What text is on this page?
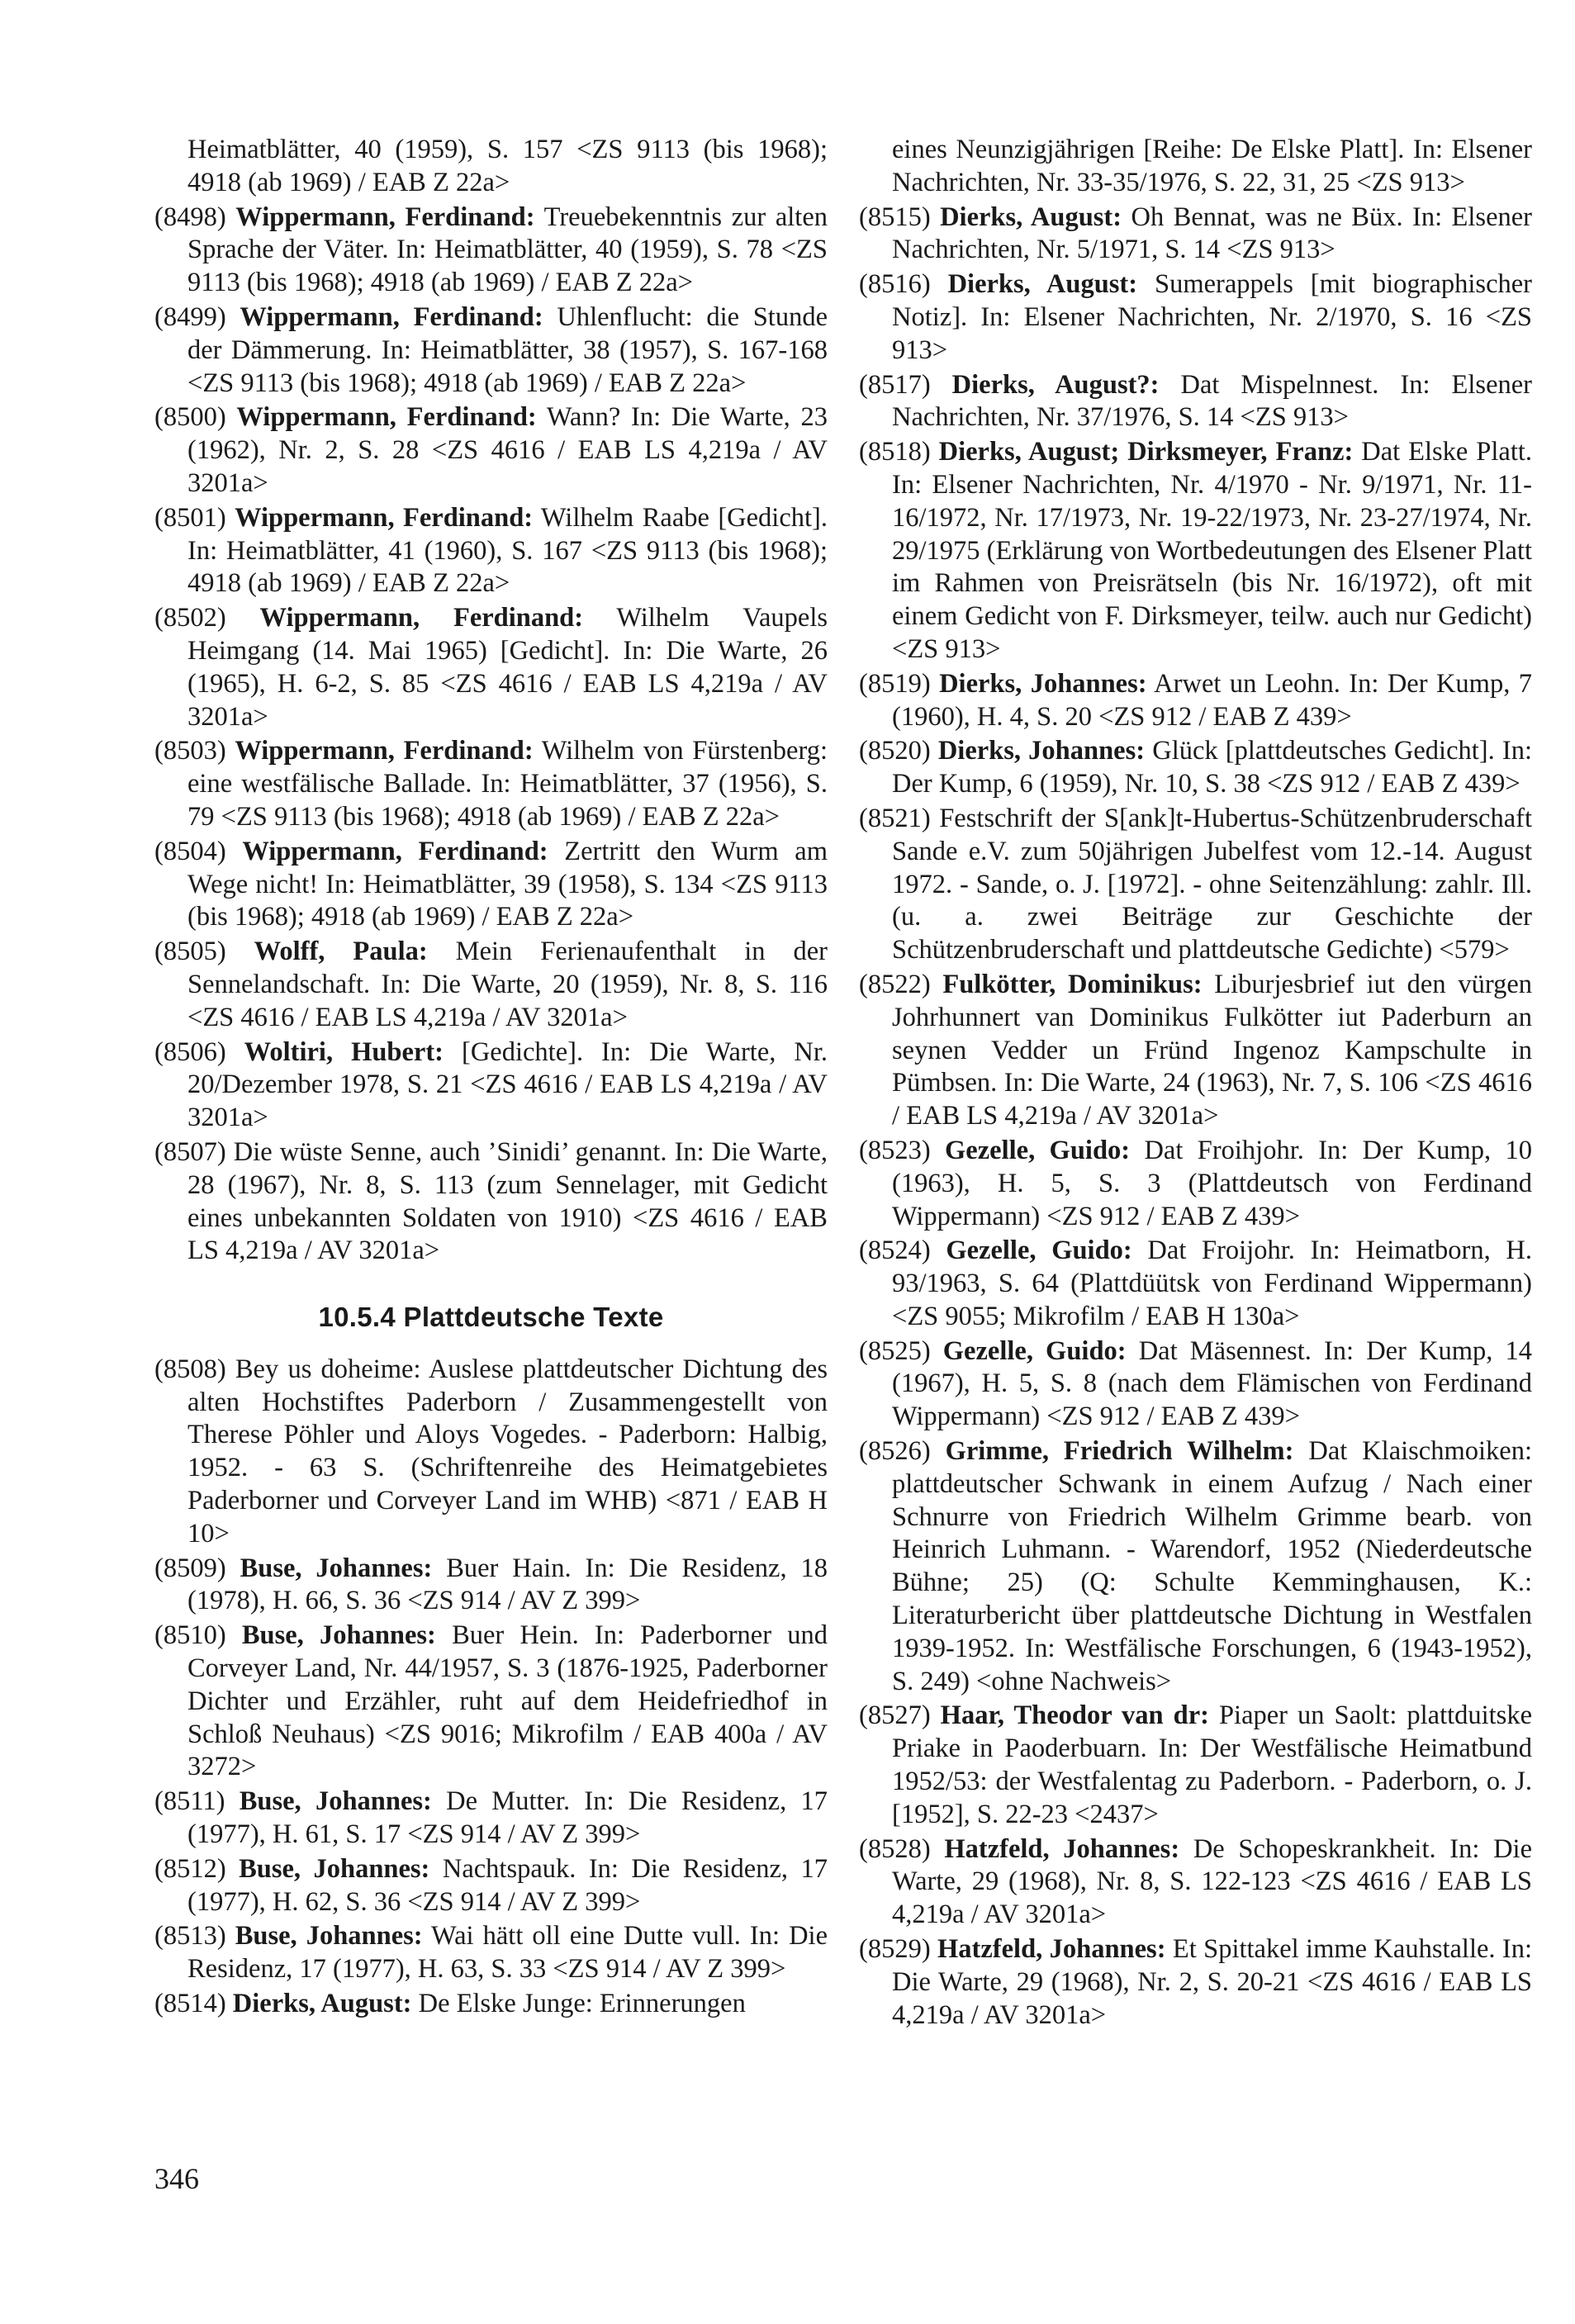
Heimatblätter, 40 (1959), S. 157 <ZS 9113 (bis 1968); 4918 (ab 1969) / EAB Z 22a>

(8498) Wippermann, Ferdinand: Treuebekenntnis zur alten Sprache der Väter. In: Heimatblätter, 40 (1959), S. 78 <ZS 9113 (bis 1968); 4918 (ab 1969) / EAB Z 22a>

(8499) Wippermann, Ferdinand: Uhlenflucht: die Stunde der Dämmerung. In: Heimatblätter, 38 (1957), S. 167-168 <ZS 9113 (bis 1968); 4918 (ab 1969) / EAB Z 22a>

(8500) Wippermann, Ferdinand: Wann? In: Die Warte, 23 (1962), Nr. 2, S. 28 <ZS 4616 / EAB LS 4,219a / AV 3201a>

(8501) Wippermann, Ferdinand: Wilhelm Raabe [Gedicht]. In: Heimatblätter, 41 (1960), S. 167 <ZS 9113 (bis 1968); 4918 (ab 1969) / EAB Z 22a>

(8502) Wippermann, Ferdinand: Wilhelm Vaupels Heimgang (14. Mai 1965) [Gedicht]. In: Die Warte, 26 (1965), H. 6-2, S. 85 <ZS 4616 / EAB LS 4,219a / AV 3201a>

(8503) Wippermann, Ferdinand: Wilhelm von Fürstenberg: eine westfälische Ballade. In: Heimatblätter, 37 (1956), S. 79 <ZS 9113 (bis 1968); 4918 (ab 1969) / EAB Z 22a>

(8504) Wippermann, Ferdinand: Zertritt den Wurm am Wege nicht! In: Heimatblätter, 39 (1958), S. 134 <ZS 9113 (bis 1968); 4918 (ab 1969) / EAB Z 22a>

(8505) Wolff, Paula: Mein Ferienaufenthalt in der Sennelandschaft. In: Die Warte, 20 (1959), Nr. 8, S. 116 <ZS 4616 / EAB LS 4,219a / AV 3201a>

(8506) Woltiri, Hubert: [Gedichte]. In: Die Warte, Nr. 20/Dezember 1978, S. 21 <ZS 4616 / EAB LS 4,219a / AV 3201a>

(8507) Die wüste Senne, auch ’Sinidi’ genannt. In: Die Warte, 28 (1967), Nr. 8, S. 113 (zum Sennelager, mit Gedicht eines unbekannten Soldaten von 1910) <ZS 4616 / EAB LS 4,219a / AV 3201a>

10.5.4 Plattdeutsche Texte

(8508) Bey us doheime: Auslese plattdeutscher Dichtung des alten Hochstiftes Paderborn / Zusammengestellt von Therese Pöhler und Aloys Vogedes. - Paderborn: Halbig, 1952. - 63 S. (Schriftenreihe des Heimatgebietes Paderborner und Corveyer Land im WHB) <871 / EAB H 10>

(8509) Buse, Johannes: Buer Hain. In: Die Residenz, 18 (1978), H. 66, S. 36 <ZS 914 / AV Z 399>

(8510) Buse, Johannes: Buer Hein. In: Paderborner und Corveyer Land, Nr. 44/1957, S. 3 (1876-1925, Paderborner Dichter und Erzähler, ruht auf dem Heidefriedhof in Schloß Neuhaus) <ZS 9016; Mikrofilm / EAB 400a / AV 3272>

(8511) Buse, Johannes: De Mutter. In: Die Residenz, 17 (1977), H. 61, S. 17 <ZS 914 / AV Z 399>

(8512) Buse, Johannes: Nachtspauk. In: Die Residenz, 17 (1977), H. 62, S. 36 <ZS 914 / AV Z 399>

(8513) Buse, Johannes: Wai hätt oll eine Dutte vull. In: Die Residenz, 17 (1977), H. 63, S. 33 <ZS 914 / AV Z 399>

(8514) Dierks, August: De Elske Junge: Erinnerungen

eines Neunzigjährigen [Reihe: De Elske Platt]. In: Elsener Nachrichten, Nr. 33-35/1976, S. 22, 31, 25 <ZS 913>

(8515) Dierks, August: Oh Bennat, was ne Büx. In: Elsener Nachrichten, Nr. 5/1971, S. 14 <ZS 913>

(8516) Dierks, August: Sumerappels [mit biographischer Notiz]. In: Elsener Nachrichten, Nr. 2/1970, S. 16 <ZS 913>

(8517) Dierks, August?: Dat Mispelnnest. In: Elsener Nachrichten, Nr. 37/1976, S. 14 <ZS 913>

(8518) Dierks, August; Dirksmeyer, Franz: Dat Elske Platt. In: Elsener Nachrichten, Nr. 4/1970 - Nr. 9/1971, Nr. 11-16/1972, Nr. 17/1973, Nr. 19-22/1973, Nr. 23-27/1974, Nr. 29/1975 (Erklärung von Wortbedeutungen des Elsener Platt im Rahmen von Preisrätseln (bis Nr. 16/1972), oft mit einem Gedicht von F. Dirksmeyer, teilw. auch nur Gedicht) <ZS 913>

(8519) Dierks, Johannes: Arwet un Leohn. In: Der Kump, 7 (1960), H. 4, S. 20 <ZS 912 / EAB Z 439>

(8520) Dierks, Johannes: Glück [plattdeutsches Gedicht]. In: Der Kump, 6 (1959), Nr. 10, S. 38 <ZS 912 / EAB Z 439>

(8521) Festschrift der S[ank]t-Hubertus-Schützenbruderschaft Sande e.V. zum 50jährigen Jubelfest vom 12.-14. August 1972. - Sande, o. J. [1972]. - ohne Seitenzählung: zahlr. Ill. (u. a. zwei Beiträge zur Geschichte der Schützenbruderschaft und plattdeutsche Gedichte) <579>

(8522) Fulkötter, Dominikus: Liburjesbrief iut den vürgen Johrhunnert van Dominikus Fulkötter iut Paderburn an seynen Vedder un Fründ Ingenoz Kampschulte in Pümbsen. In: Die Warte, 24 (1963), Nr. 7, S. 106 <ZS 4616 / EAB LS 4,219a / AV 3201a>

(8523) Gezelle, Guido: Dat Froihjohr. In: Der Kump, 10 (1963), H. 5, S. 3 (Plattdeutsch von Ferdinand Wippermann) <ZS 912 / EAB Z 439>

(8524) Gezelle, Guido: Dat Froijohr. In: Heimatborn, H. 93/1963, S. 64 (Plattdüütsk von Ferdinand Wippermann) <ZS 9055; Mikrofilm / EAB H 130a>

(8525) Gezelle, Guido: Dat Mäsennest. In: Der Kump, 14 (1967), H. 5, S. 8 (nach dem Flämischen von Ferdinand Wippermann) <ZS 912 / EAB Z 439>

(8526) Grimme, Friedrich Wilhelm: Dat Klaischmoiken: plattdeutscher Schwank in einem Aufzug / Nach einer Schnurre von Friedrich Wilhelm Grimme bearb. von Heinrich Luhmann. - Warendorf, 1952 (Niederdeutsche Bühne; 25) (Q: Schulte Kemminghausen, K.: Literaturbericht über plattdeutsche Dichtung in Westfalen 1939-1952. In: Westfälische Forschungen, 6 (1943-1952), S. 249) <ohne Nachweis>

(8527) Haar, Theodor van dr: Piaper un Saolt: plattduitske Priake in Paoderbuarn. In: Der Westfälische Heimatbund 1952/53: der Westfalentag zu Paderborn. - Paderborn, o. J. [1952], S. 22-23 <2437>

(8528) Hatzfeld, Johannes: De Schopeskrankheit. In: Die Warte, 29 (1968), Nr. 8, S. 122-123 <ZS 4616 / EAB LS 4,219a / AV 3201a>

(8529) Hatzfeld, Johannes: Et Spittakel imme Kauhstalle. In: Die Warte, 29 (1968), Nr. 2, S. 20-21 <ZS 4616 / EAB LS 4,219a / AV 3201a>

346
